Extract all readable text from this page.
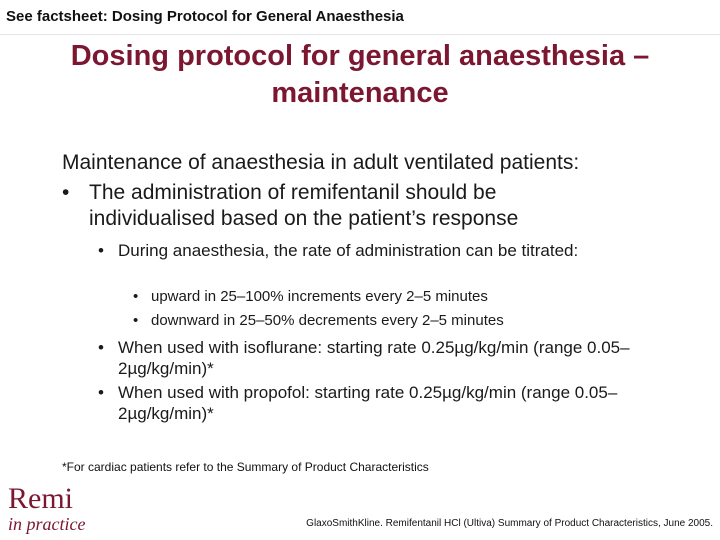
See factsheet: Dosing Protocol for General Anaesthesia
Dosing protocol for general anaesthesia –
maintenance
Maintenance of anaesthesia in adult ventilated patients:
• The administration of remifentanil should be individualised based on the patient’s response
• During anaesthesia, the rate of administration can be titrated:
• upward in 25–100% increments every 2–5 minutes
• downward in 25–50% decrements every 2–5 minutes
• When used with isoflurane: starting rate 0.25µg/kg/min (range 0.05–2µg/kg/min)*
• When used with propofol: starting rate 0.25µg/kg/min (range 0.05–2µg/kg/min)*
*For cardiac patients refer to the Summary of Product Characteristics
Remi
in practice	GlaxoSmithKline. Remifentanil HCl (Ultiva) Summary of Product Characteristics, June 2005.
